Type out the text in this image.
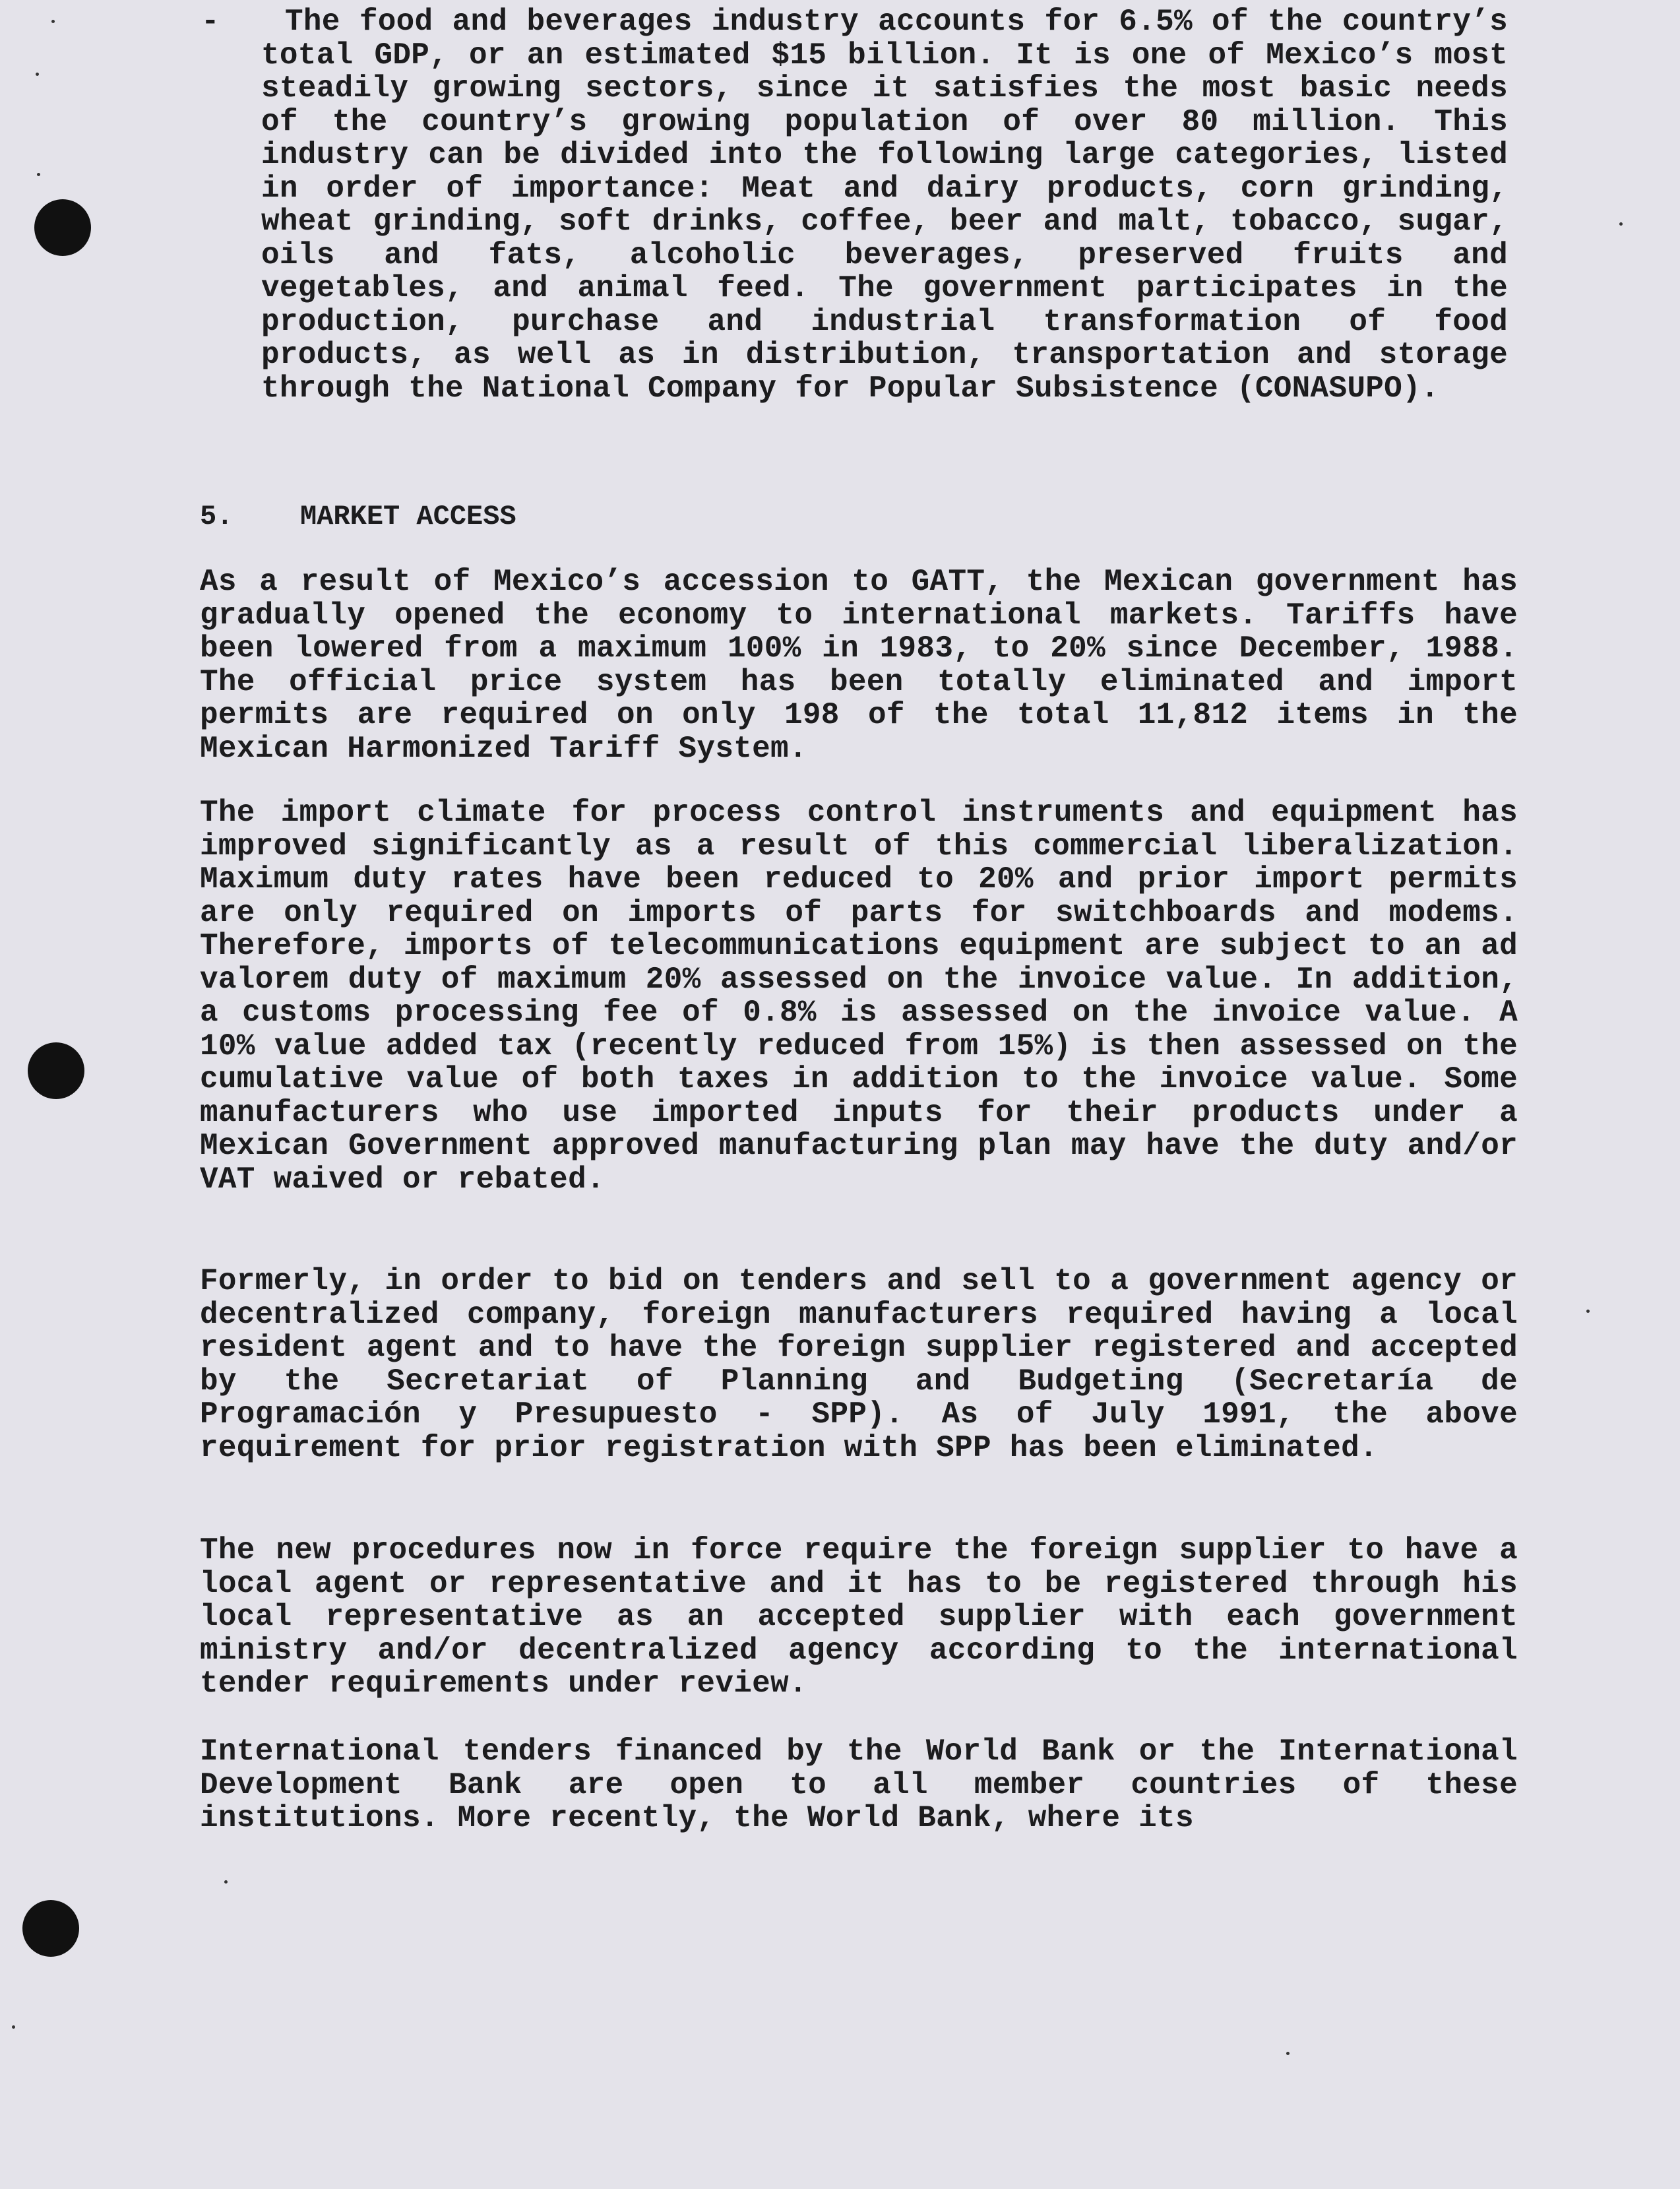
-	The food and beverages industry accounts for 6.5% of the country’s total GDP, or an estimated $15 billion. It is one of Mexico’s most steadily growing sectors, since it satisfies the most basic needs of the country’s growing population of over 80 million. This industry can be divided into the following large categories, listed in order of importance: Meat and dairy products, corn grinding, wheat grinding, soft drinks, coffee, beer and malt, tobacco, sugar, oils and fats, alcoholic beverages, preserved fruits and vegetables, and animal feed. The government participates in the production, purchase and industrial transformation of food products, as well as in distribution, transportation and storage through the National Company for Popular Subsistence (CONASUPO).

5. MARKET ACCESS

As a result of Mexico’s accession to GATT, the Mexican government has gradually opened the economy to international markets. Tariffs have been lowered from a maximum 100% in 1983, to 20% since December, 1988. The official price system has been totally eliminated and import permits are required on only 198 of the total 11,812 items in the Mexican Harmonized Tariff System.

The import climate for process control instruments and equipment has improved significantly as a result of this commercial liberalization. Maximum duty rates have been reduced to 20% and prior import permits are only required on imports of parts for switchboards and modems. Therefore, imports of telecommunications equipment are subject to an ad valorem duty of maximum 20% assessed on the invoice value. In addition, a customs processing fee of 0.8% is assessed on the invoice value. A 10% value added tax (recently reduced from 15%) is then assessed on the cumulative value of both taxes in addition to the invoice value. Some manufacturers who use imported inputs for their products under a Mexican Government approved manufacturing plan may have the duty and/or VAT waived or rebated.

Formerly, in order to bid on tenders and sell to a government agency or decentralized company, foreign manufacturers required having a local resident agent and to have the foreign supplier registered and accepted by the Secretariat of Planning and Budgeting (Secretaría de Programación y Presupuesto - SPP). As of July 1991, the above requirement for prior registration with SPP has been eliminated.

The new procedures now in force require the foreign supplier to have a local agent or representative and it has to be registered through his local representative as an accepted supplier with each government ministry and/or decentralized agency according to the international tender requirements under review.

International tenders financed by the World Bank or the International Development Bank are open to all member countries of these institutions. More recently, the World Bank, where its
